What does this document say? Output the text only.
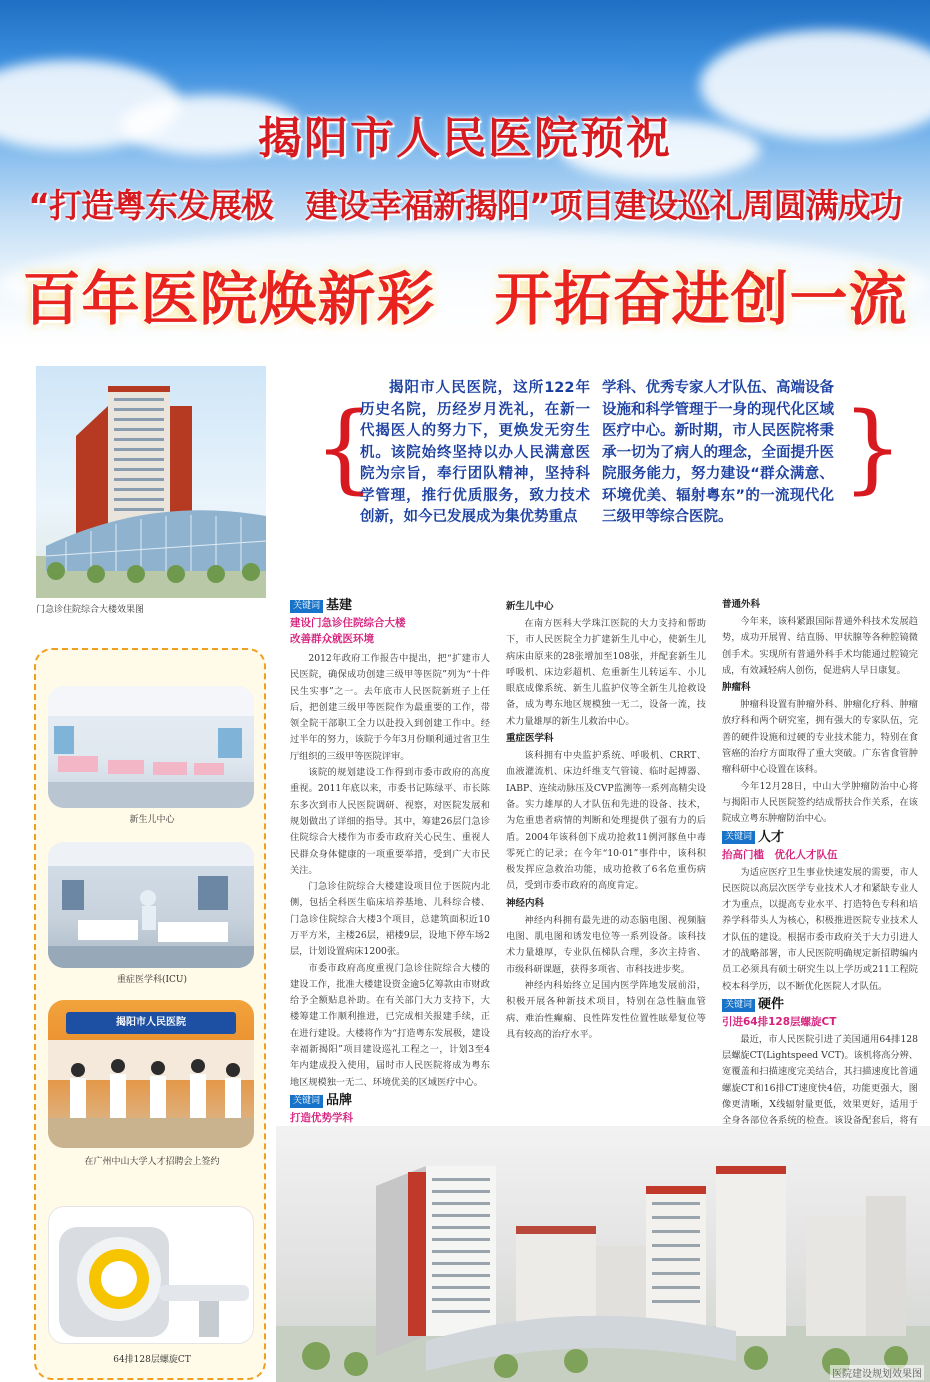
揭阳市人民医院预祝
“打造粤东发展极　建设幸福新揭阳”项目建设巡礼周圆满成功
百年医院焕新彩　开拓奋进创一流
门急诊住院综合大楼效果图
{
揭阳市人民医院，这所122年历史名院，历经岁月洗礼，在新一代揭医人的努力下，更焕发无穷生机。该院始终坚持以办人民满意医院为宗旨，奉行团队精神，坚持科学管理，推行优质服务，致力技术创新，如今已发展成为集优势重点
学科、优秀专家人才队伍、高端设备设施和科学管理于一身的现代化区域医疗中心。新时期，市人民医院将秉承一切为了病人的理念，全面提升医院服务能力，努力建设“群众满意、环境优美、辐射粤东”的一流现代化三级甲等综合医院。
}
新生儿中心
重症医学科(ICU)
揭阳市人民医院
在广州中山大学人才招聘会上签约
64排128层螺旋CT
关键词 基建
建设门急诊住院综合大楼
改善群众就医环境

2012年政府工作报告中提出，把“扩建市人民医院，确保成功创建三级甲等医院”列为“十件民生实事”之一。去年底市人民医院新班子上任后，把创建三级甲等医院作为最重要的工作，带领全院干部职工全力以赴投入到创建工作中。经过半年的努力，该院于今年3月份顺利通过省卫生厅组织的三级甲等医院评审。

该院的规划建设工作得到市委市政府的高度重视。2011年底以来，市委书记陈绿平、市长陈东多次到市人民医院调研、视察，对医院发展和规划做出了详细的指导。其中，筹建26层门急诊住院综合大楼作为市委市政府关心民生、重视人民群众身体健康的一项重要举措，受到广大市民关注。

门急诊住院综合大楼建设项目位于医院内北侧，包括全科医生临床培养基地、儿科综合楼、门急诊住院综合大楼3个项目，总建筑面积近10万平方米，主楼26层，裙楼9层，设地下停车场2层，计划设置病床1200张。

市委市政府高度重视门急诊住院综合大楼的建设工作，批准大楼建设资金逾5亿筹款由市财政给予全额贴息补助。在有关部门大力支持下，大楼筹建工作顺利推进，已完成相关报建手续，正在进行建设。大楼将作为“打造粤东发展极，建设幸福新揭阳”项目建设巡礼工程之一，计划3至4年内建成投入使用，届时市人民医院将成为粤东地区规模独一无二、环境优美的区域医疗中心。

关键词 品牌
打造优势学科

新生儿中心

在南方医科大学珠江医院的大力支持和帮助下，市人民医院全力扩建新生儿中心，使新生儿病床由原来的28张增加至108张，并配套新生儿呼吸机、床边彩超机、危重新生儿转运车、小儿眼底成像系统、新生儿监护仪等全新生儿抢救设备，成为粤东地区规模独一无二，设备一流，技术力量雄厚的新生儿救治中心。

重症医学科

该科拥有中央监护系统、呼吸机、CRRT、血液灌流机、床边纤维支气管镜、临时起搏器、IABP、连续动脉压及CVP监测等一系列高精尖设备。实力雄厚的人才队伍和先进的设备、技术，为危重患者病情的判断和处理提供了强有力的后盾。2004年该科创下成功抢救11例河豚鱼中毒零死亡的记录；在今年“10·01”事件中，该科积极发挥应急救治功能，成功抢救了6名危重伤病员，受到市委市政府的高度肯定。

神经内科

神经内科拥有最先进的动态脑电图、视频脑电图、肌电图和诱发电位等一系列设备。该科技术力量雄厚，专业队伍梯队合理，多次主持省、市级科研课题，获得多项省、市科技进步奖。

神经内科始终立足国内医学阵地发展前沿，积极开展各种新技术项目，特别在急性脑血管病、难治性癫痫、良性阵发性位置性眩晕复位等具有较高的治疗水平。

普通外科

今年来，该科紧跟国际普通外科技术发展趋势，成功开展胃、结直肠、甲状腺等各种腔镜微创手术。实现所有普通外科手术均能通过腔镜完成，有效减轻病人创伤，促进病人早日康复。

肿瘤科

肿瘤科设置有肿瘤外科、肿瘤化疗科、肿瘤放疗科和两个研究室，拥有强大的专家队伍，完善的硬件设施和过硬的专业技术能力，特别在食管癌的治疗方面取得了重大突破。广东省食管肿瘤科研中心设置在该科。

今年12月28日，中山大学肿瘤防治中心将与揭阳市人民医院签约结成帮扶合作关系，在该院成立粤东肿瘤防治中心。

关键词 人才
抬高门槛　优化人才队伍

为适应医疗卫生事业快速发展的需要，市人民医院以高层次医学专业技术人才和紧缺专业人才为重点，以提高专业水平、打造特色专科和培养学科带头人为核心，积极推进医院专业技术人才队伍的建设。根据市委市政府关于大力引进人才的战略部署，市人民医院明确规定新招聘编内员工必须具有硕士研究生以上学历或211工程院校本科学历，以不断优化医院人才队伍。

关键词 硬件
引进64排128层螺旋CT

最近，市人民医院引进了美国通用64排128层螺旋CT(Lightspeed VCT)。该机将高分辨、宽覆盖和扫描速度完美结合，其扫描速度比普通螺旋CT和16排CT速度快4倍，功能更强大，图像更清晰，X线辐射量更低，效果更好，适用于全身各部位各系统的检查。该设备配套后，将有

医院建设规划效果图
